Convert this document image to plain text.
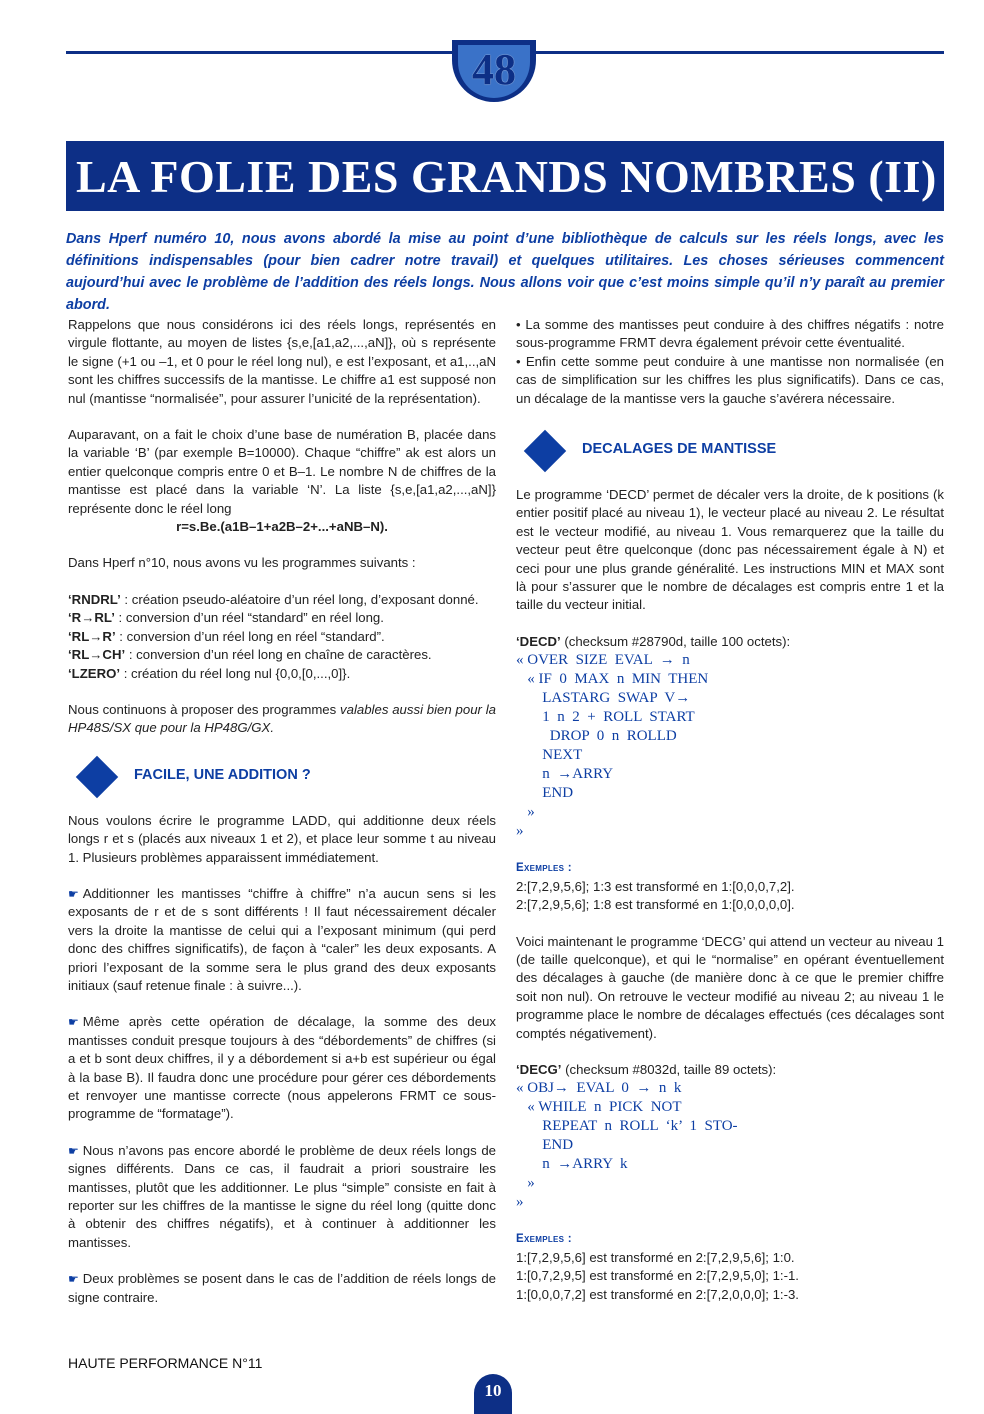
48
LA FOLIE DES GRANDS NOMBRES (II)
Dans Hperf numéro 10, nous avons abordé la mise au point d’une bibliothèque de calculs sur les réels longs, avec les définitions indispensables (pour bien cadrer notre travail) et quelques utilitaires. Les choses sérieuses commencent aujourd’hui avec le problème de l’addition des réels longs. Nous allons voir que c’est moins simple qu’il n’y paraît au premier abord.

Rappelons que nous considérons ici des réels longs, représentés en virgule flottante, au moyen de listes {s,e,[a1,a2,...,aN]}, où s représente le signe (+1 ou –1, et 0 pour le réel long nul), e est l’exposant, et a1,..,aN sont les chiffres successifs de la mantisse. Le chiffre a1 est supposé non nul (mantisse “normalisée”, pour assurer l’unicité de la représentation).

Auparavant, on a fait le choix d’une base de numération B, placée dans la variable ‘B’ (par exemple B=10000). Chaque “chiffre” ak est alors un entier quelconque compris entre 0 et B–1. Le nombre N de chiffres de la mantisse est placé dans la variable ‘N’. La liste {s,e,[a1,a2,...,aN]} représente donc le réel long

r=s.Be.(a1B–1+a2B–2+...+aNB–N).

Dans Hperf n°10, nous avons vu les programmes suivants :

‘RNDRL’ : création pseudo-aléatoire d’un réel long, d’exposant donné.

‘R→RL’ : conversion d’un réel “standard” en réel long.

‘RL→R’ : conversion d’un réel long en réel “standard”.

‘RL→CH’ : conversion d’un réel long en chaîne de caractères.

‘LZERO’ : création du réel long nul {0,0,[0,...,0]}.

Nous continuons à proposer des programmes valables aussi bien pour la HP48S/SX que pour la HP48G/GX.

FACILE, UNE ADDITION ?

Nous voulons écrire le programme LADD, qui additionne deux réels longs r et s (placés aux niveaux 1 et 2), et place leur somme t au niveau 1. Plusieurs problèmes apparaissent immédiatement.

☛ Additionner les mantisses “chiffre à chiffre” n’a aucun sens si les exposants de r et de s sont différents ! Il faut nécessairement décaler vers la droite la mantisse de celui qui a l’exposant minimum (qui perd donc des chiffres significatifs), de façon à “caler” les deux exposants. A priori l’exposant de la somme sera le plus grand des deux exposants initiaux (sauf retenue finale : à suivre...).

☛ Même après cette opération de décalage, la somme des deux mantisses conduit presque toujours à des “débordements” de chiffres (si a et b sont deux chiffres, il y a débordement si a+b est supérieur ou égal à la base B). Il faudra donc une procédure pour gérer ces débordements et renvoyer une mantisse correcte (nous appelerons FRMT ce sous-programme de “formatage”).

☛ Nous n’avons pas encore abordé le problème de deux réels longs de signes différents. Dans ce cas, il faudrait a priori soustraire les mantisses, plutôt que les additionner. Le plus “simple” consiste en fait à reporter sur les chiffres de la mantisse le signe du réel long (quitte donc à obtenir des chiffres négatifs), et à continuer à additionner les mantisses.

☛ Deux problèmes se posent dans le cas de l’addition de réels longs de signe contraire.

• La somme des mantisses peut conduire à des chiffres négatifs : notre sous-programme FRMT devra également prévoir cette éventualité.

• Enfin cette somme peut conduire à une mantisse non normalisée (en cas de simplification sur les chiffres les plus significatifs). Dans ce cas, un décalage de la mantisse vers la gauche s’avérera nécessaire.

DECALAGES DE MANTISSE

Le programme ‘DECD’ permet de décaler vers la droite, de k positions (k entier positif placé au niveau 1), le vecteur placé au niveau 2. Le résultat est le vecteur modifié, au niveau 1. Vous remarquerez que la taille du vecteur peut être quelconque (donc pas nécessairement égale à N) et ceci pour une plus grande généralité. Les instructions MIN et MAX sont là pour s’assurer que le nombre de décalages est compris entre 1 et la taille du vecteur initial.

‘DECD’ (checksum #28790d, taille 100 octets):

« OVER  SIZE  EVAL  →  n
« IF  0  MAX  n  MIN  THEN
LASTARG  SWAP  V→
1  n  2  +  ROLL  START
DROP  0  n  ROLLD
NEXT
n  →ARRY
END
»
»
Exemples :

2:[7,2,9,5,6]; 1:3 est transformé en 1:[0,0,0,7,2].

2:[7,2,9,5,6]; 1:8 est transformé en 1:[0,0,0,0,0].

Voici maintenant le programme ‘DECG’ qui attend un vecteur au niveau 1 (de taille quelconque), et qui le “normalise” en opérant éventuellement des décalages à gauche (de manière donc à ce que le premier chiffre soit non nul). On retrouve le vecteur modifié au niveau 2; au niveau 1 le programme place le nombre de décalages effectués (ces décalages sont comptés négativement).

‘DECG’ (checksum #8032d, taille 89 octets):

« OBJ→  EVAL  0  →  n  k
« WHILE  n  PICK  NOT
REPEAT  n  ROLL  ‘k’  1  STO-
END
n  →ARRY  k
»
»
Exemples :

1:[7,2,9,5,6] est transformé en 2:[7,2,9,5,6]; 1:0.

1:[0,7,2,9,5] est transformé en 2:[7,2,9,5,0]; 1:-1.

1:[0,0,0,7,2] est transformé en 2:[7,2,0,0,0]; 1:-3.

HAUTE PERFORMANCE N°11
10
